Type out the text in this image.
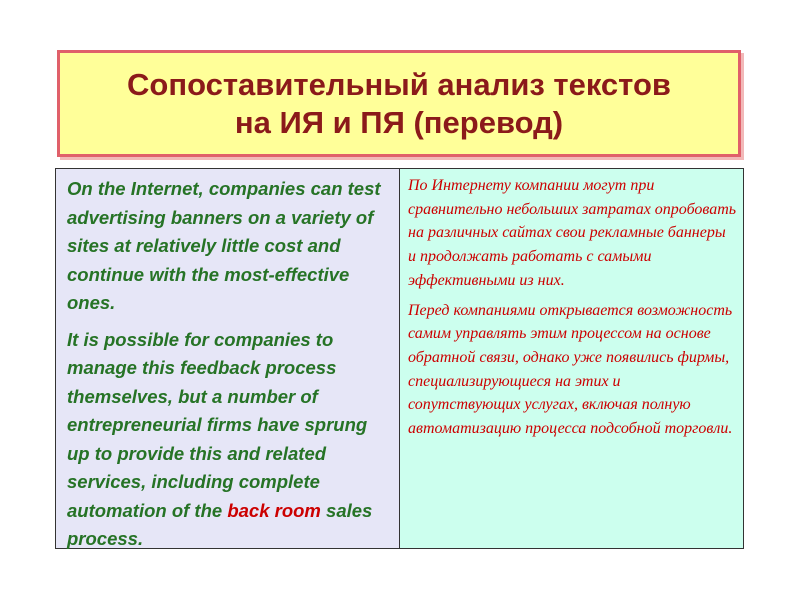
Сопоставительный анализ текстов
на ИЯ и ПЯ (перевод)

On the Internet, companies can test advertising banners on a variety of sites at relatively little cost and continue with the most-effective ones.

It is possible for companies to manage this feedback process themselves, but a number of entrepreneurial firms have sprung up to provide this and related services, including complete automation of the back room sales process.

По Интернету компании могут при сравнительно небольших затратах опробовать на различных сайтах свои рекламные баннеры и продолжать работать с самыми эффективными из них.

Перед компаниями открывается возможность самим управлять этим процессом на основе обратной связи, однако уже появились фирмы, специализирующиеся на этих и сопутствующих услугах, включая полную автоматизацию процесса подсобной торговли.
